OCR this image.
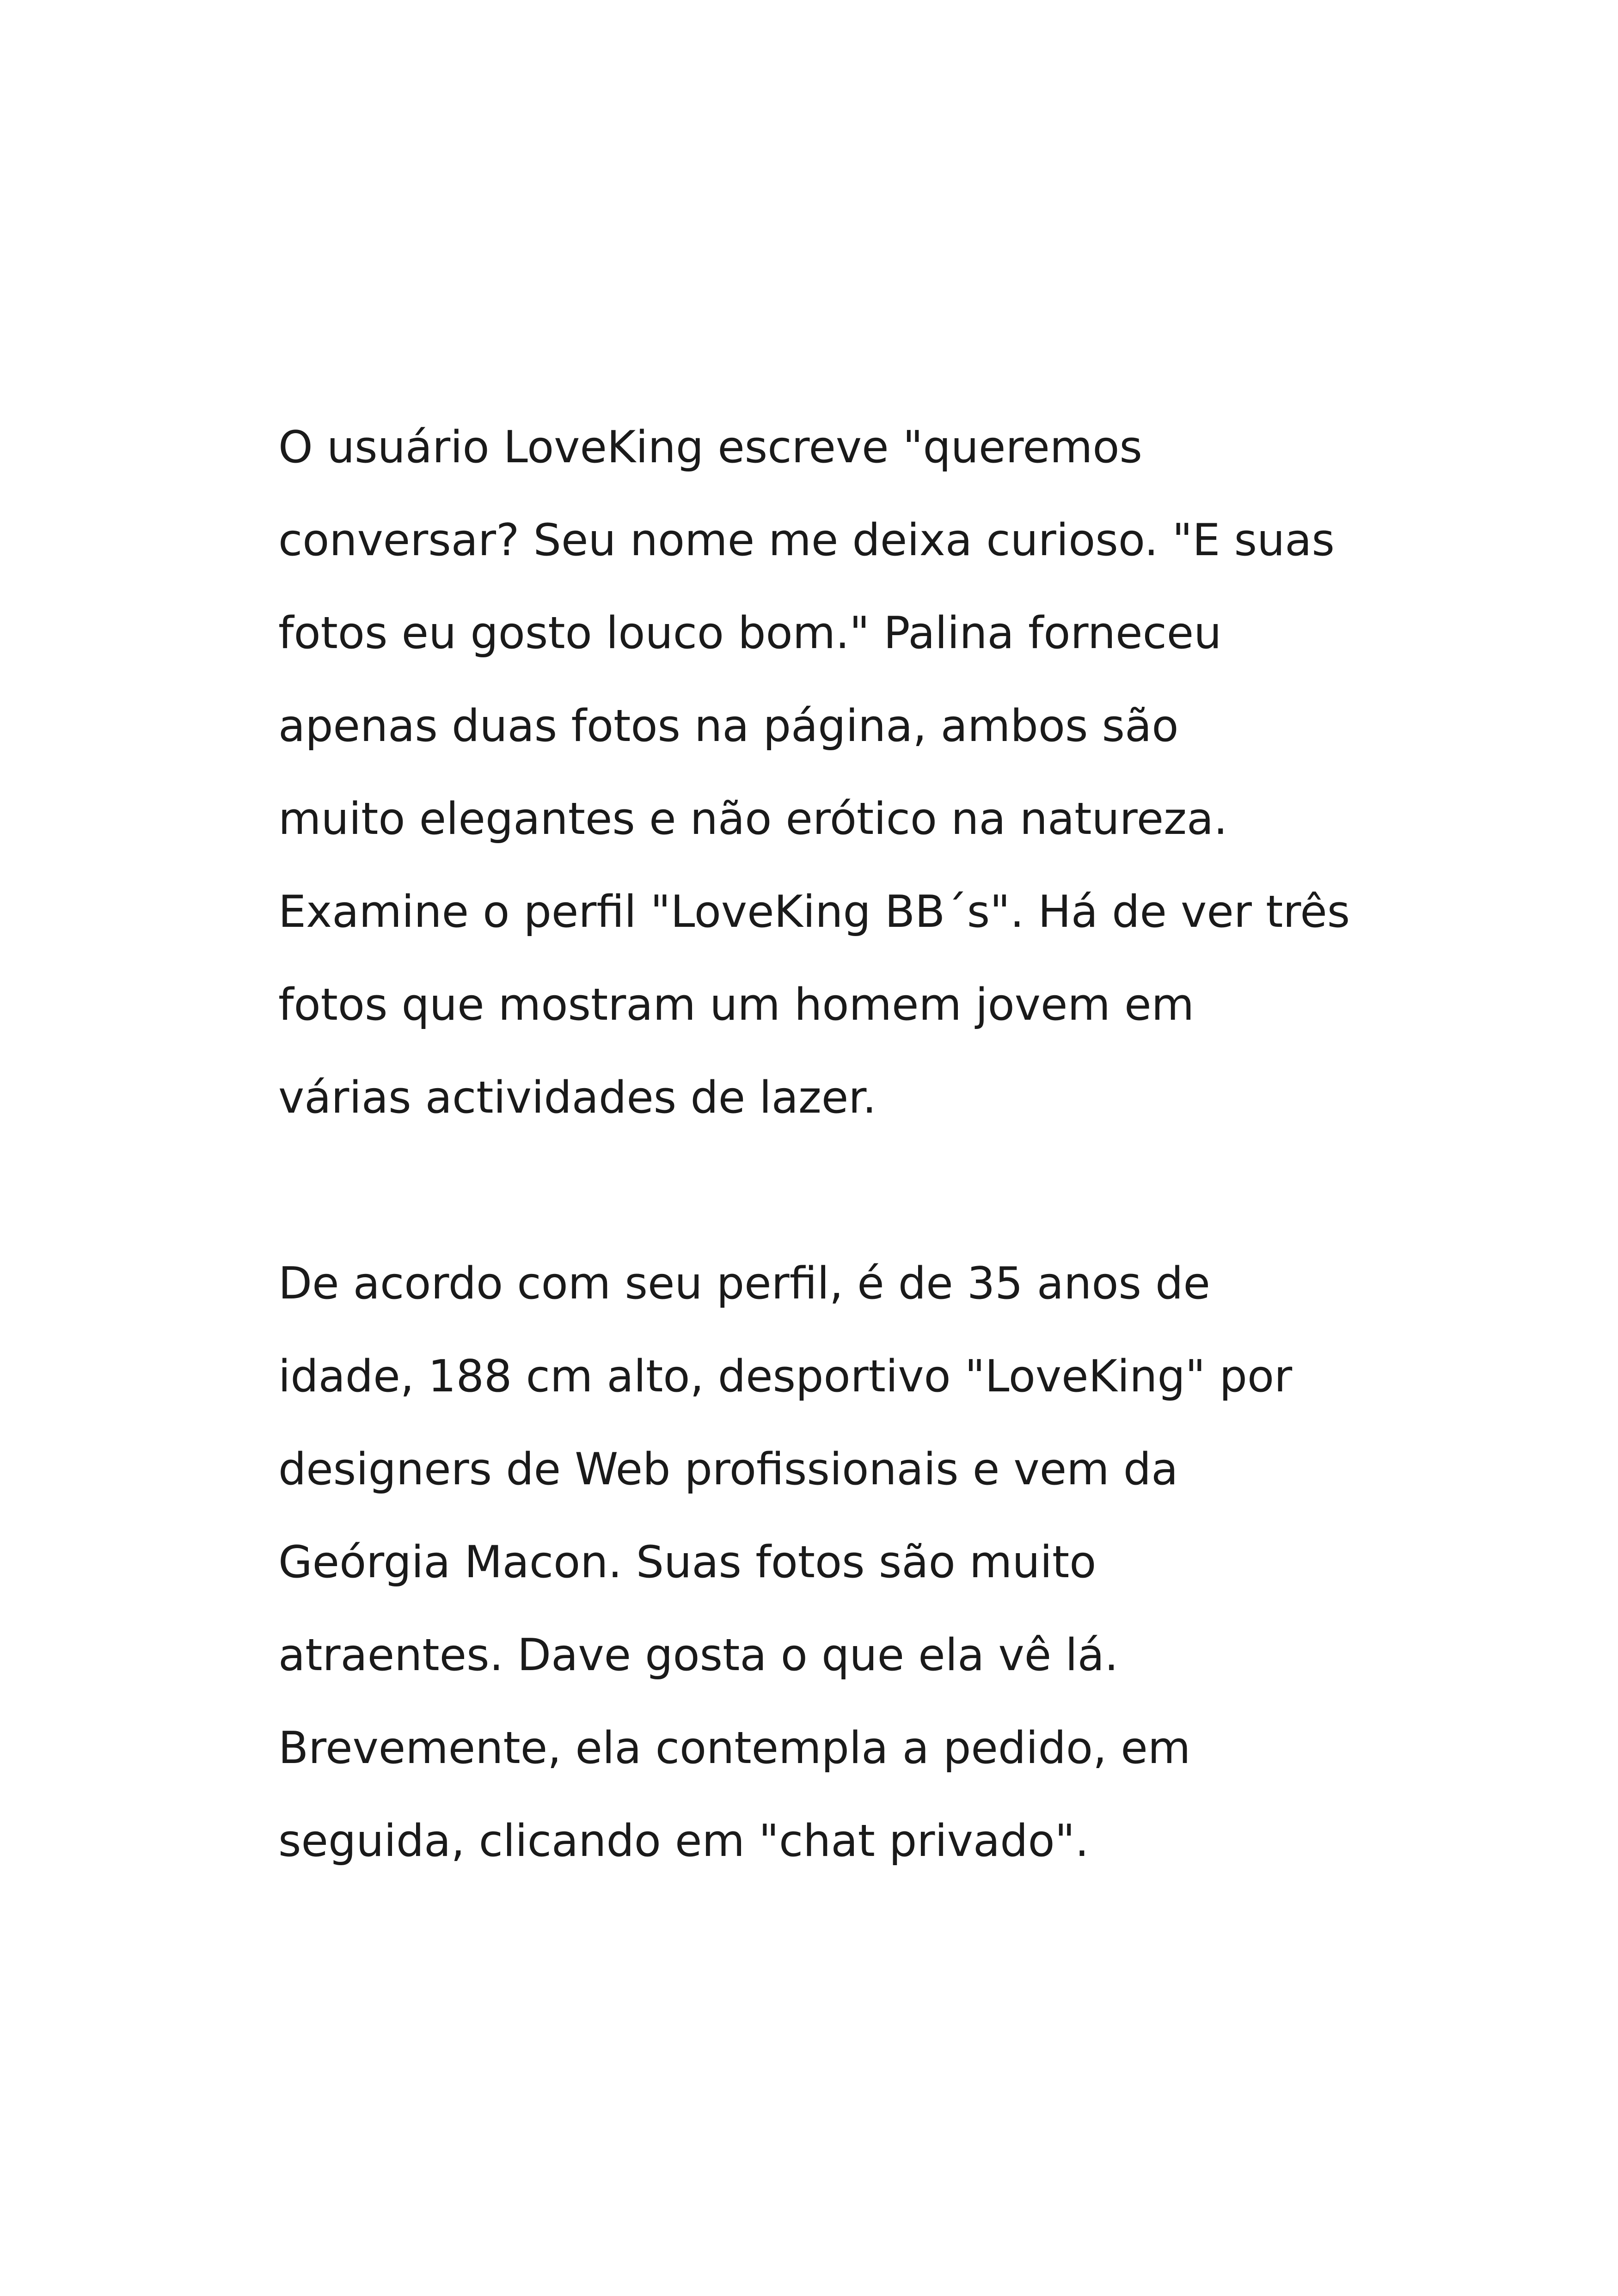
O usuário LoveKing escreve "queremos
conversar? Seu nome me deixa curioso. "E suas
fotos eu gosto louco bom." Palina forneceu
apenas duas fotos na página, ambos são
muito elegantes e não erótico na natureza.
Examine o perfil "LoveKing BB´s". Há de ver três
fotos que mostram um homem jovem em
várias actividades de lazer.
De acordo com seu perfil, é de 35 anos de
idade, 188 cm alto, desportivo "LoveKing" por
designers de Web profissionais e vem da
Geórgia Macon. Suas fotos são muito
atraentes. Dave gosta o que ela vê lá.
Brevemente, ela contempla a pedido, em
seguida, clicando em "chat privado".
